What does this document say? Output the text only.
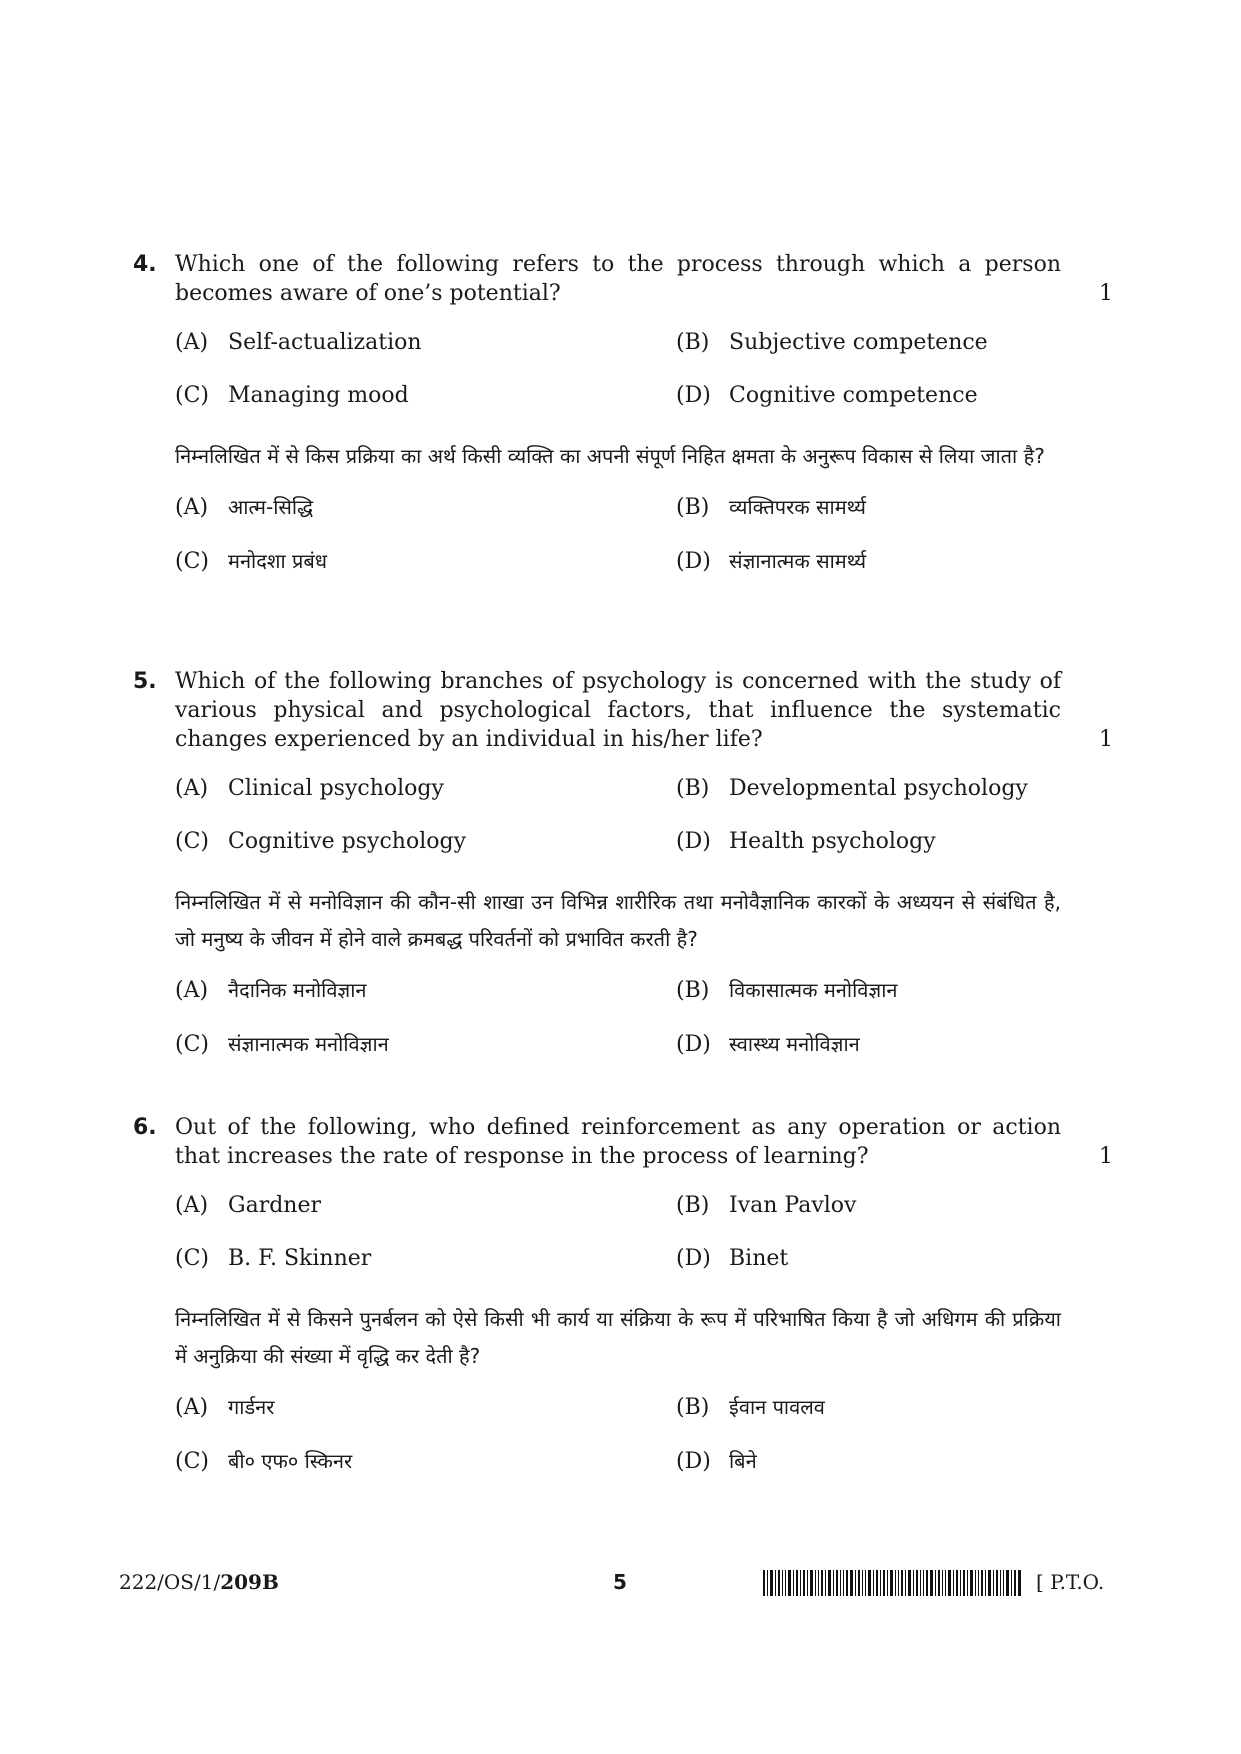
4. Which one of the following refers to the process through which a person becomes aware of one’s potential?	1
(A) Self-actualization	(B) Subjective competence
(C) Managing mood	(D) Cognitive competence
निम्नलिखित में से किस प्रक्रिया का अर्थ किसी व्यक्ति का अपनी संपूर्ण निहित क्षमता के अनुरूप विकास से लिया जाता है?
(A) आत्म-सिद्धि	(B) व्यक्तिपरक सामर्थ्य
(C) मनोदशा प्रबंध	(D) संज्ञानात्मक सामर्थ्य
5. Which of the following branches of psychology is concerned with the study of various physical and psychological factors, that influence the systematic changes experienced by an individual in his/her life?	1
(A) Clinical psychology	(B) Developmental psychology
(C) Cognitive psychology	(D) Health psychology
निम्नलिखित में से मनोविज्ञान की कौन-सी शाखा उन विभिन्न शारीरिक तथा मनोवैज्ञानिक कारकों के अध्ययन से संबंधित है, जो मनुष्य के जीवन में होने वाले क्रमबद्ध परिवर्तनों को प्रभावित करती है?
(A) नैदानिक मनोविज्ञान	(B) विकासात्मक मनोविज्ञान
(C) संज्ञानात्मक मनोविज्ञान	(D) स्वास्थ्य मनोविज्ञान
6. Out of the following, who defined reinforcement as any operation or action that increases the rate of response in the process of learning?	1
(A) Gardner	(B) Ivan Pavlov
(C) B. F. Skinner	(D) Binet
निम्नलिखित में से किसने पुनर्बलन को ऐसे किसी भी कार्य या संक्रिया के रूप में परिभाषित किया है जो अधिगम की प्रक्रिया में अनुक्रिया की संख्या में वृद्धि कर देती है?
(A) गार्डनर	(B) ईवान पावलव
(C) बी० एफ० स्किनर	(D) बिने
222/OS/1/209B	5	[ P.T.O.
